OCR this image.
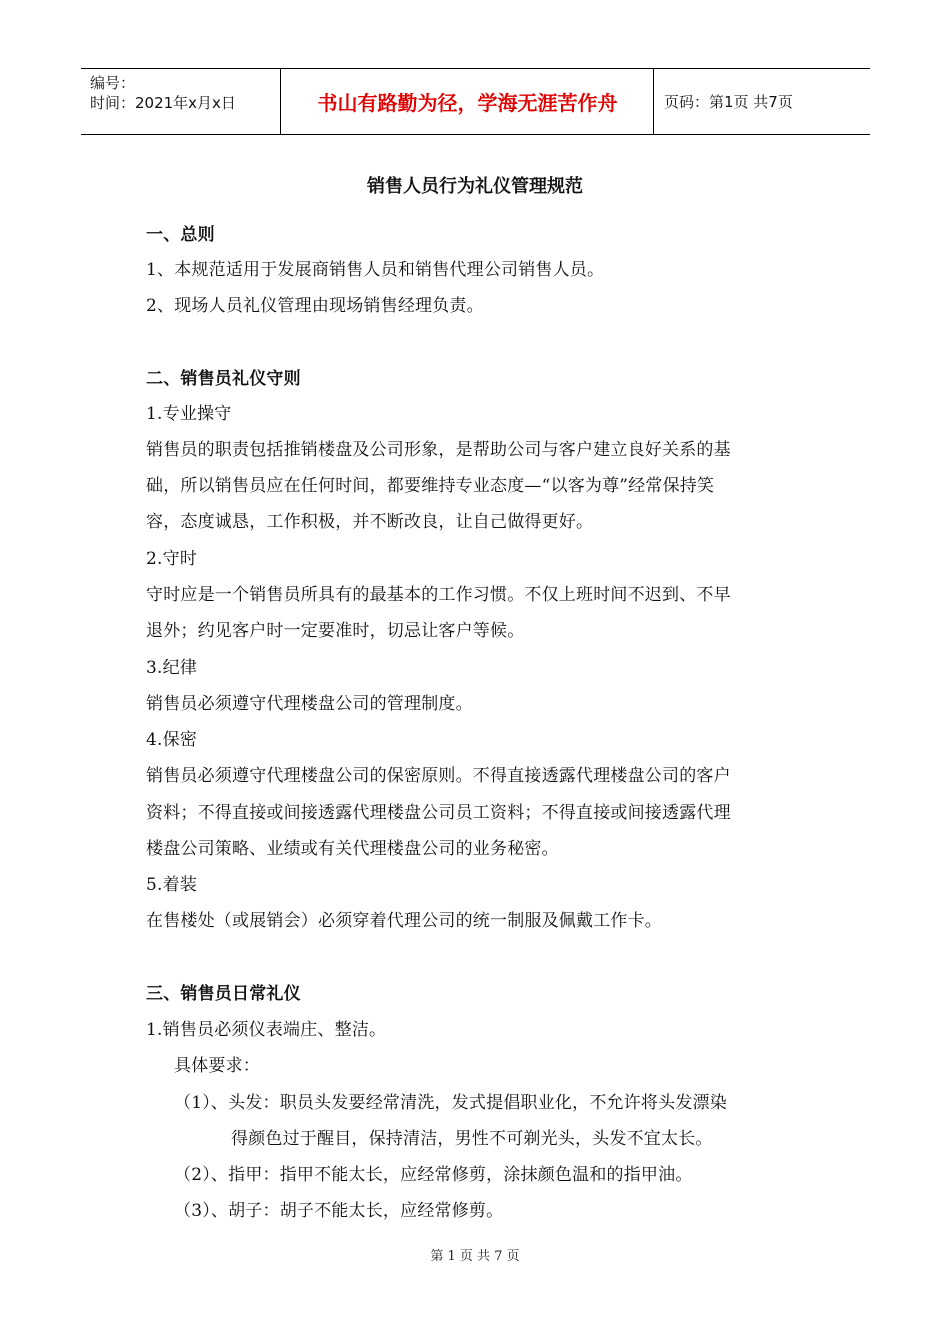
编号：
时间：2021年x月x日	书山有路勤为径，学海无涯苦作舟	页码：第1页 共7页
销售人员行为礼仪管理规范
一、总则
1、本规范适用于发展商销售人员和销售代理公司销售人员。
2、现场人员礼仪管理由现场销售经理负责。
二、销售员礼仪守则
1.专业操守
销售员的职责包括推销楼盘及公司形象，是帮助公司与客户建立良好关系的基
础，所以销售员应在任何时间，都要维持专业态度—“以客为尊”经常保持笑
容，态度诚恳，工作积极，并不断改良，让自己做得更好。
2.守时
守时应是一个销售员所具有的最基本的工作习惯。不仅上班时间不迟到、不早
退外；约见客户时一定要准时，切忌让客户等候。
3.纪律
销售员必须遵守代理楼盘公司的管理制度。
4.保密
销售员必须遵守代理楼盘公司的保密原则。不得直接透露代理楼盘公司的客户
资料；不得直接或间接透露代理楼盘公司员工资料；不得直接或间接透露代理
楼盘公司策略、业绩或有关代理楼盘公司的业务秘密。
5.着装
在售楼处（或展销会）必须穿着代理公司的统一制服及佩戴工作卡。
三、销售员日常礼仪
1.销售员必须仪表端庄、整洁。
具体要求：
（1）、头发：职员头发要经常清洗，发式提倡职业化，不允许将头发漂染
得颜色过于醒目，保持清洁，男性不可剃光头，头发不宜太长。
（2）、指甲：指甲不能太长，应经常修剪，涂抹颜色温和的指甲油。
（3）、胡子：胡子不能太长，应经常修剪。
第 1 页 共 7 页
